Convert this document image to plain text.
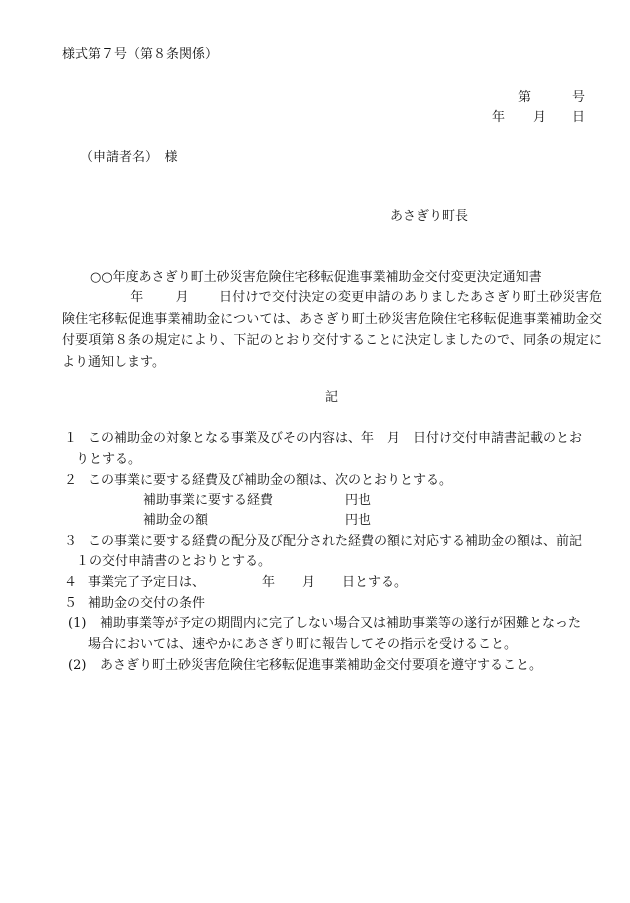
様式第７号（第８条関係）
第	号
年 月 日
（申請者名）　様
あさぎり町長
○○年度あさぎり町土砂災害危険住宅移転促進事業補助金交付変更決定通知書

年 月 日付けで交付決定の変更申請のありましたあさぎり町土砂災害危険住宅移転促進事業補助金については、あさぎり町土砂災害危険住宅移転促進事業補助金交付要項第８条の規定により、下記のとおり交付することに決定しましたので、同条の規定により通知します。

記
１ この補助金の対象となる事業及びその内容は、年　月　日付け交付申請書記載のとお
りとする。
２ この事業に要する経費及び補助金の額は、次のとおりとする。
補助事業に要する経費	円也
補助金の額	円也
３ この事業に要する経費の配分及び配分された経費の額に対応する補助金の額は、前記
１の交付申請書のとおりとする。
４ 事業完了予定日は、	年 月 日とする。
５ 補助金の交付の条件
(1) 補助事業等が予定の期間内に完了しない場合又は補助事業等の遂行が困難となった
場合においては、速やかにあさぎり町に報告してその指示を受けること。
(2) あさぎり町土砂災害危険住宅移転促進事業補助金交付要項を遵守すること。
